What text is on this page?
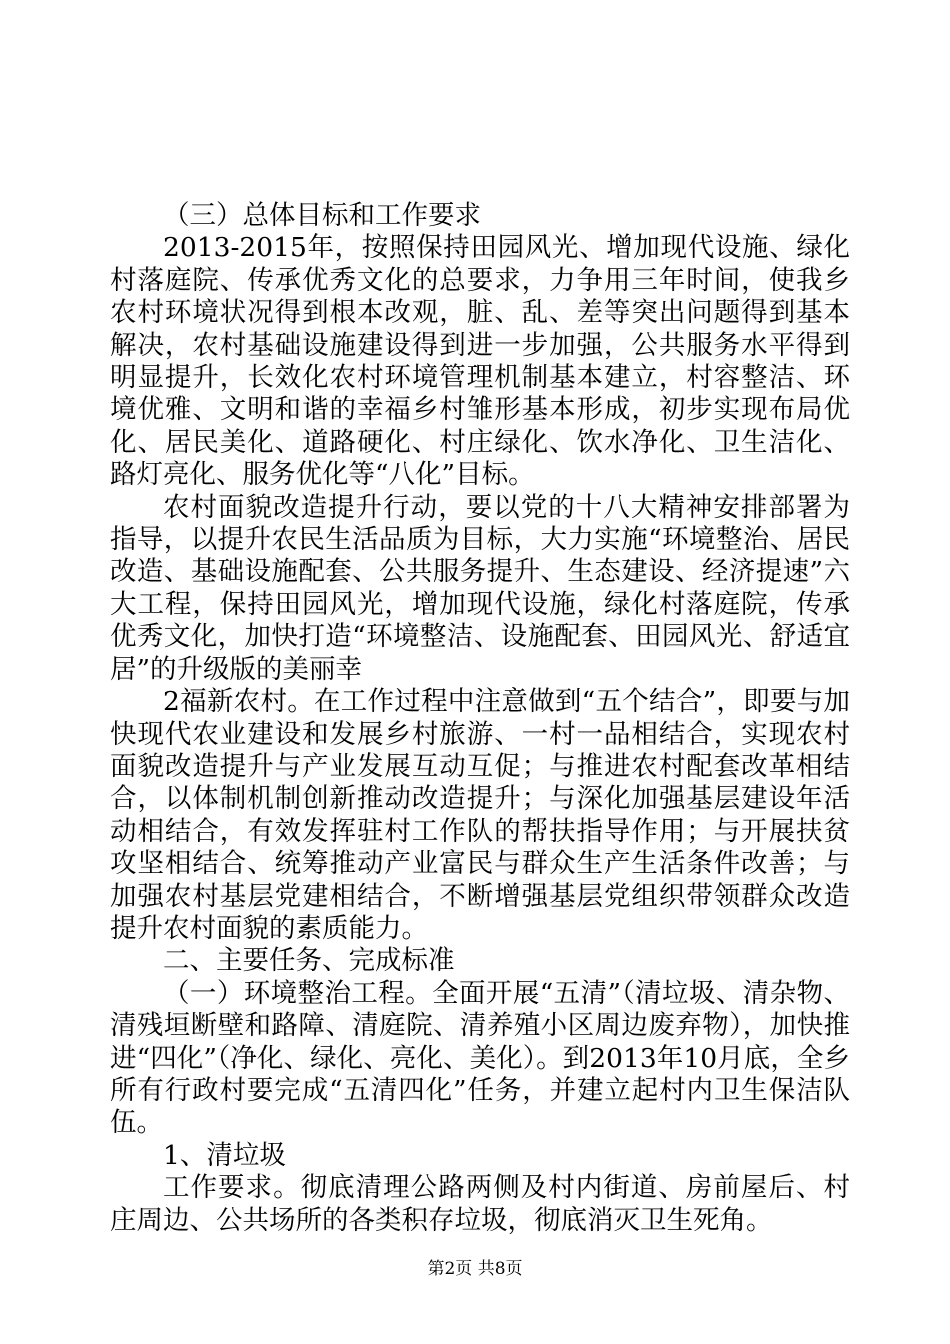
（三）总体目标和工作要求

2013-2015年，按照保持田园风光、增加现代设施、绿化村落庭院、传承优秀文化的总要求，力争用三年时间，使我乡农村环境状况得到根本改观，脏、乱、差等突出问题得到基本解决，农村基础设施建设得到进一步加强，公共服务水平得到明显提升，长效化农村环境管理机制基本建立，村容整洁、环境优雅、文明和谐的幸福乡村雏形基本形成，初步实现布局优化、居民美化、道路硬化、村庄绿化、饮水净化、卫生洁化、路灯亮化、服务优化等“八化”目标。

农村面貌改造提升行动，要以党的十八大精神安排部署为指导，以提升农民生活品质为目标，大力实施“环境整治、居民改造、基础设施配套、公共服务提升、生态建设、经济提速”六大工程，保持田园风光，增加现代设施，绿化村落庭院，传承优秀文化，加快打造“环境整洁、设施配套、田园风光、舒适宜居”的升级版的美丽幸

2福新农村。在工作过程中注意做到“五个结合”，即要与加快现代农业建设和发展乡村旅游、一村一品相结合，实现农村面貌改造提升与产业发展互动互促；与推进农村配套改革相结合，以体制机制创新推动改造提升；与深化加强基层建设年活动相结合，有效发挥驻村工作队的帮扶指导作用；与开展扶贫攻坚相结合、统筹推动产业富民与群众生产生活条件改善；与加强农村基层党建相结合，不断增强基层党组织带领群众改造提升农村面貌的素质能力。

二、主要任务、完成标准

（一）环境整治工程。全面开展“五清”（清垃圾、清杂物、清残垣断壁和路障、清庭院、清养殖小区周边废弃物），加快推进“四化”（净化、绿化、亮化、美化）。到2013年10月底，全乡所有行政村要完成“五清四化”任务，并建立起村内卫生保洁队伍。

1、清垃圾

工作要求。彻底清理公路两侧及村内街道、房前屋后、村庄周边、公共场所的各类积存垃圾，彻底消灭卫生死角。

第2页 共8页
